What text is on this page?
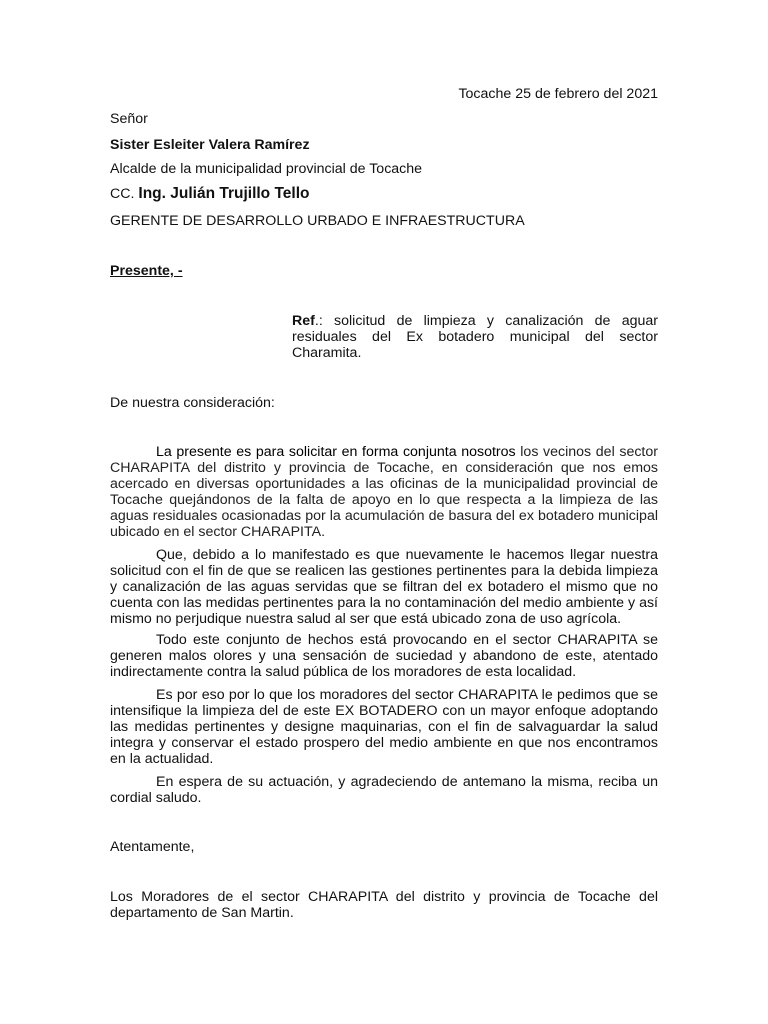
Tocache 25 de febrero del 2021
Señor
Sister Esleiter Valera Ramírez
Alcalde de la municipalidad provincial de Tocache
CC. Ing. Julián Trujillo Tello
GERENTE DE DESARROLLO URBADO E INFRAESTRUCTURA
Presente, -
Ref.: solicitud de limpieza y canalización de aguar residuales del Ex botadero municipal del sector Charamita.
De nuestra consideración:

La presente es para solicitar en forma conjunta nosotros los vecinos del sector CHARAPITA del distrito y provincia de Tocache, en consideración que nos emos acercado en diversas oportunidades a las oficinas de la municipalidad provincial de Tocache quejándonos de la falta de apoyo en lo que respecta a la limpieza de las aguas residuales ocasionadas por la acumulación de basura del ex botadero municipal ubicado en el sector CHARAPITA.

Que, debido a lo manifestado es que nuevamente le hacemos llegar nuestra solicitud con el fin de que se realicen las gestiones pertinentes para la debida limpieza y canalización de las aguas servidas que se filtran del ex botadero el mismo que no cuenta con las medidas pertinentes para la no contaminación del medio ambiente y así mismo no perjudique nuestra salud al ser que está ubicado zona de uso agrícola.

Todo este conjunto de hechos está provocando en el sector CHARAPITA se generen malos olores y una sensación de suciedad y abandono de este, atentado indirectamente contra la salud pública de los moradores de esta localidad.

Es por eso por lo que los moradores del sector CHARAPITA le pedimos que se intensifique la limpieza del de este EX BOTADERO con un mayor enfoque adoptando las medidas pertinentes y designe maquinarias, con el fin de salvaguardar la salud integra y conservar el estado prospero del medio ambiente en que nos encontramos en la actualidad.

En espera de su actuación, y agradeciendo de antemano la misma, reciba un cordial saludo.

Atentamente,
Los Moradores de el sector CHARAPITA del distrito y provincia de Tocache del departamento de San Martin.
